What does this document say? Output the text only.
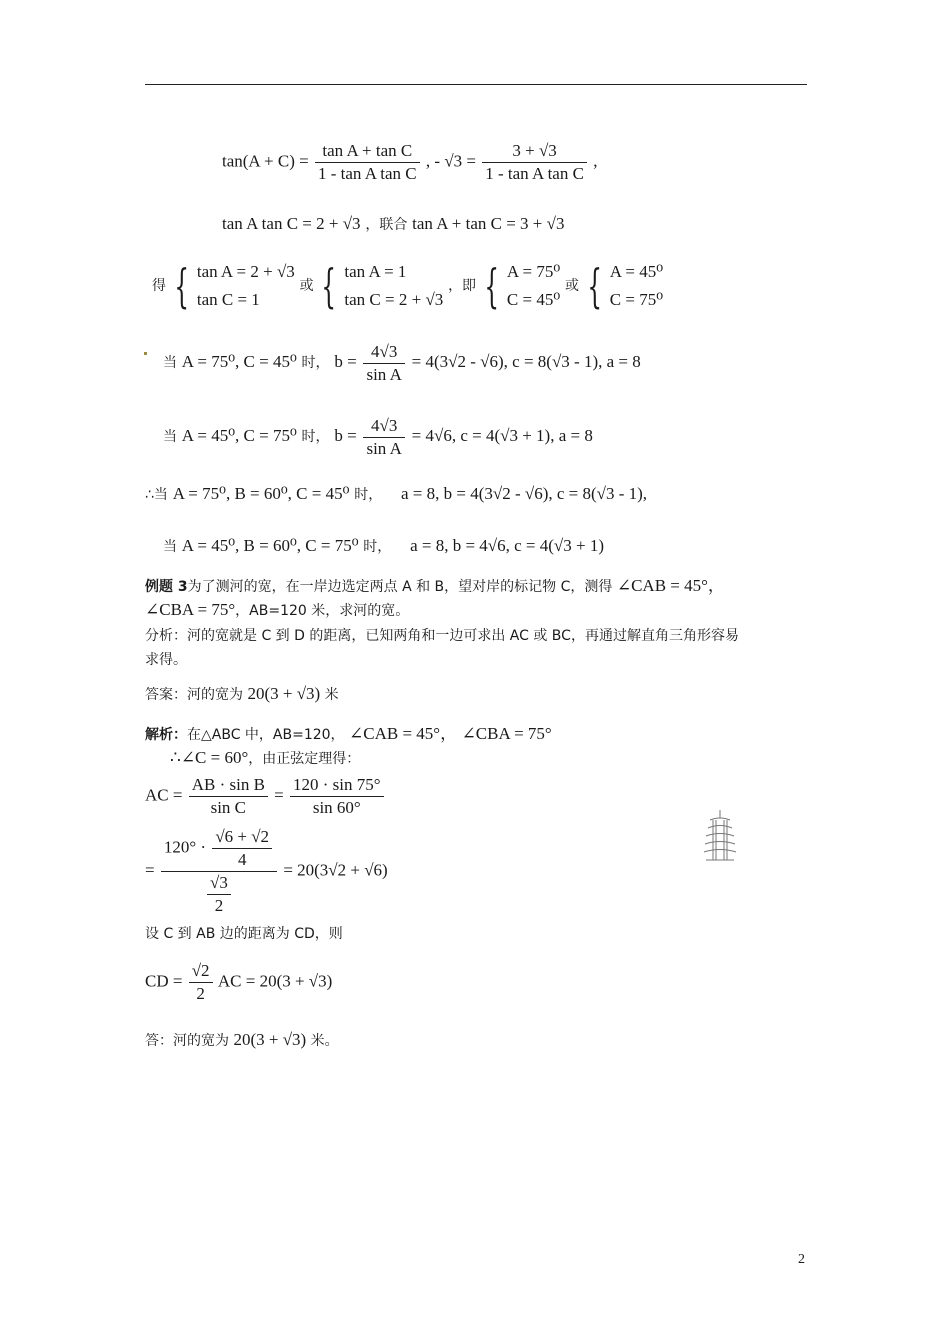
$\tan(A + C) = \frac{\text{tan A + tan C}}{\text{1 - tan A tan C}}$ , - $√3 = \frac{3 + √3}{\text{1 - tan A tan C}}$ ,
tan A tan C = 2 + √3 ，联合 tan A + tan C = 3 + √3
得 { tan A = 2 + √3
tan C = 1
或 { tan A = 1
tan C = 2 + √3
，即 { A = 75⁰
C = 45⁰
或 { A = 45⁰
C = 75⁰
当 A = 75⁰, C = 45⁰ 时， $b = \frac{4√3}{\text{sin A}} = 4(3√2 - √6)$, c = 8(√3 - 1), a = 8
当 A = 45⁰, C = 75⁰ 时， $b = \frac{4√3}{\text{sin A}} = 4√6$, c = 4(√3 + 1), a = 8
∴当 A = 75⁰, B = 60⁰, C = 45⁰ 时， a = 8, b = 4(3√2 - √6), c = 8(√3 - 1),
当 A = 45⁰, B = 60⁰, C = 75⁰ 时， a = 8, b = 4√6, c = 4(√3 + 1)
例题 3为了测河的宽，在一岸边选定两点 A 和 B，望对岸的标记物 C，测得 ∠CAB = 45°，
∠CBA = 75°，AB=120 米，求河的宽。
分析：河的宽就是 C 到 D 的距离，已知两角和一边可求出 AC 或 BC，再通过解直角三角形容易
求得。
答案：河的宽为 20(3 + √3) 米
解析：在△ABC 中，AB=120， ∠CAB = 45°， ∠CBA = 75°
∴∠C = 60°，由正弦定理得：
AC = $\frac{\text{AB · sin B}}{\text{sin C}} = \frac{120 \cdot \sin 75^\circ}{\sin 60^\circ}$
= $\frac{120^\circ \cdot \frac{√6 + √2}{4}}{\frac{√3}{2}} = 20(3√2 + √6)$
设 C 到 AB 边的距离为 CD，则
CD = $\frac{√2}{2}$ AC = 20(3 + √3)
答：河的宽为 20(3 + √3) 米。
2
